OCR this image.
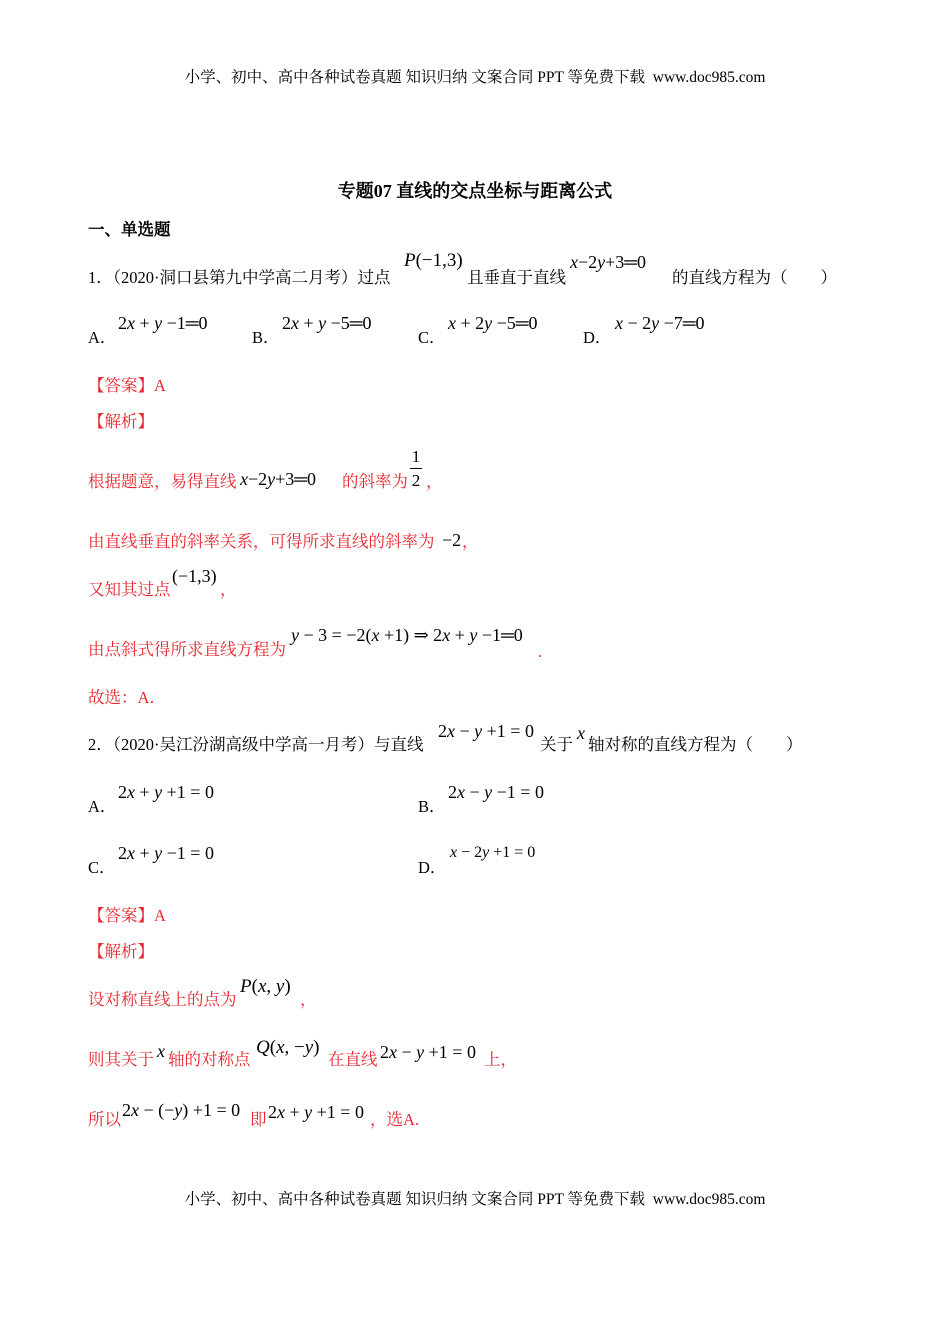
小学、初中、高中各种试卷真题 知识归纳 文案合同 PPT 等免费下载  www.doc985.com
专题07 直线的交点坐标与距离公式
一、单选题
1．（2020·洞口县第九中学高二月考）过点
P(−1,3)
且垂直于直线
x−2y+3═0
的直线方程为（　　）
A．
2x + y −1═0
B．
2x + y −5═0
C．
x + 2y −5═0
D．
x − 2y −7═0
【答案】A
【解析】
根据题意，易得直线 x−2y+3═0 的斜率为
1
2 ，
由直线垂直的斜率关系，可得所求直线的斜率为 −2 ，
又知其过点
(−1,3)
，
由点斜式得所求直线方程为
y − 3 = −2(x +1) ⇒ 2x + y −1═0
.
故选：A．
2．（2020·吴江汾湖高级中学高一月考）与直线
2x − y +1 = 0
关于
x
轴对称的直线方程为（　　）
A．
2x + y +1 = 0
B．
2x − y −1 = 0
C．
2x + y −1 = 0
D．
x − 2y +1 = 0
【答案】A
【解析】
设对称直线上的点为
P(x, y)
，
则其关于 x 轴的对称点
Q(x, −y)
在直线 2x − y +1 = 0 上，
所以 2x − (−y) +1 = 0 即 2x + y +1 = 0 ，选A.
小学、初中、高中各种试卷真题 知识归纳 文案合同 PPT 等免费下载  www.doc985.com
